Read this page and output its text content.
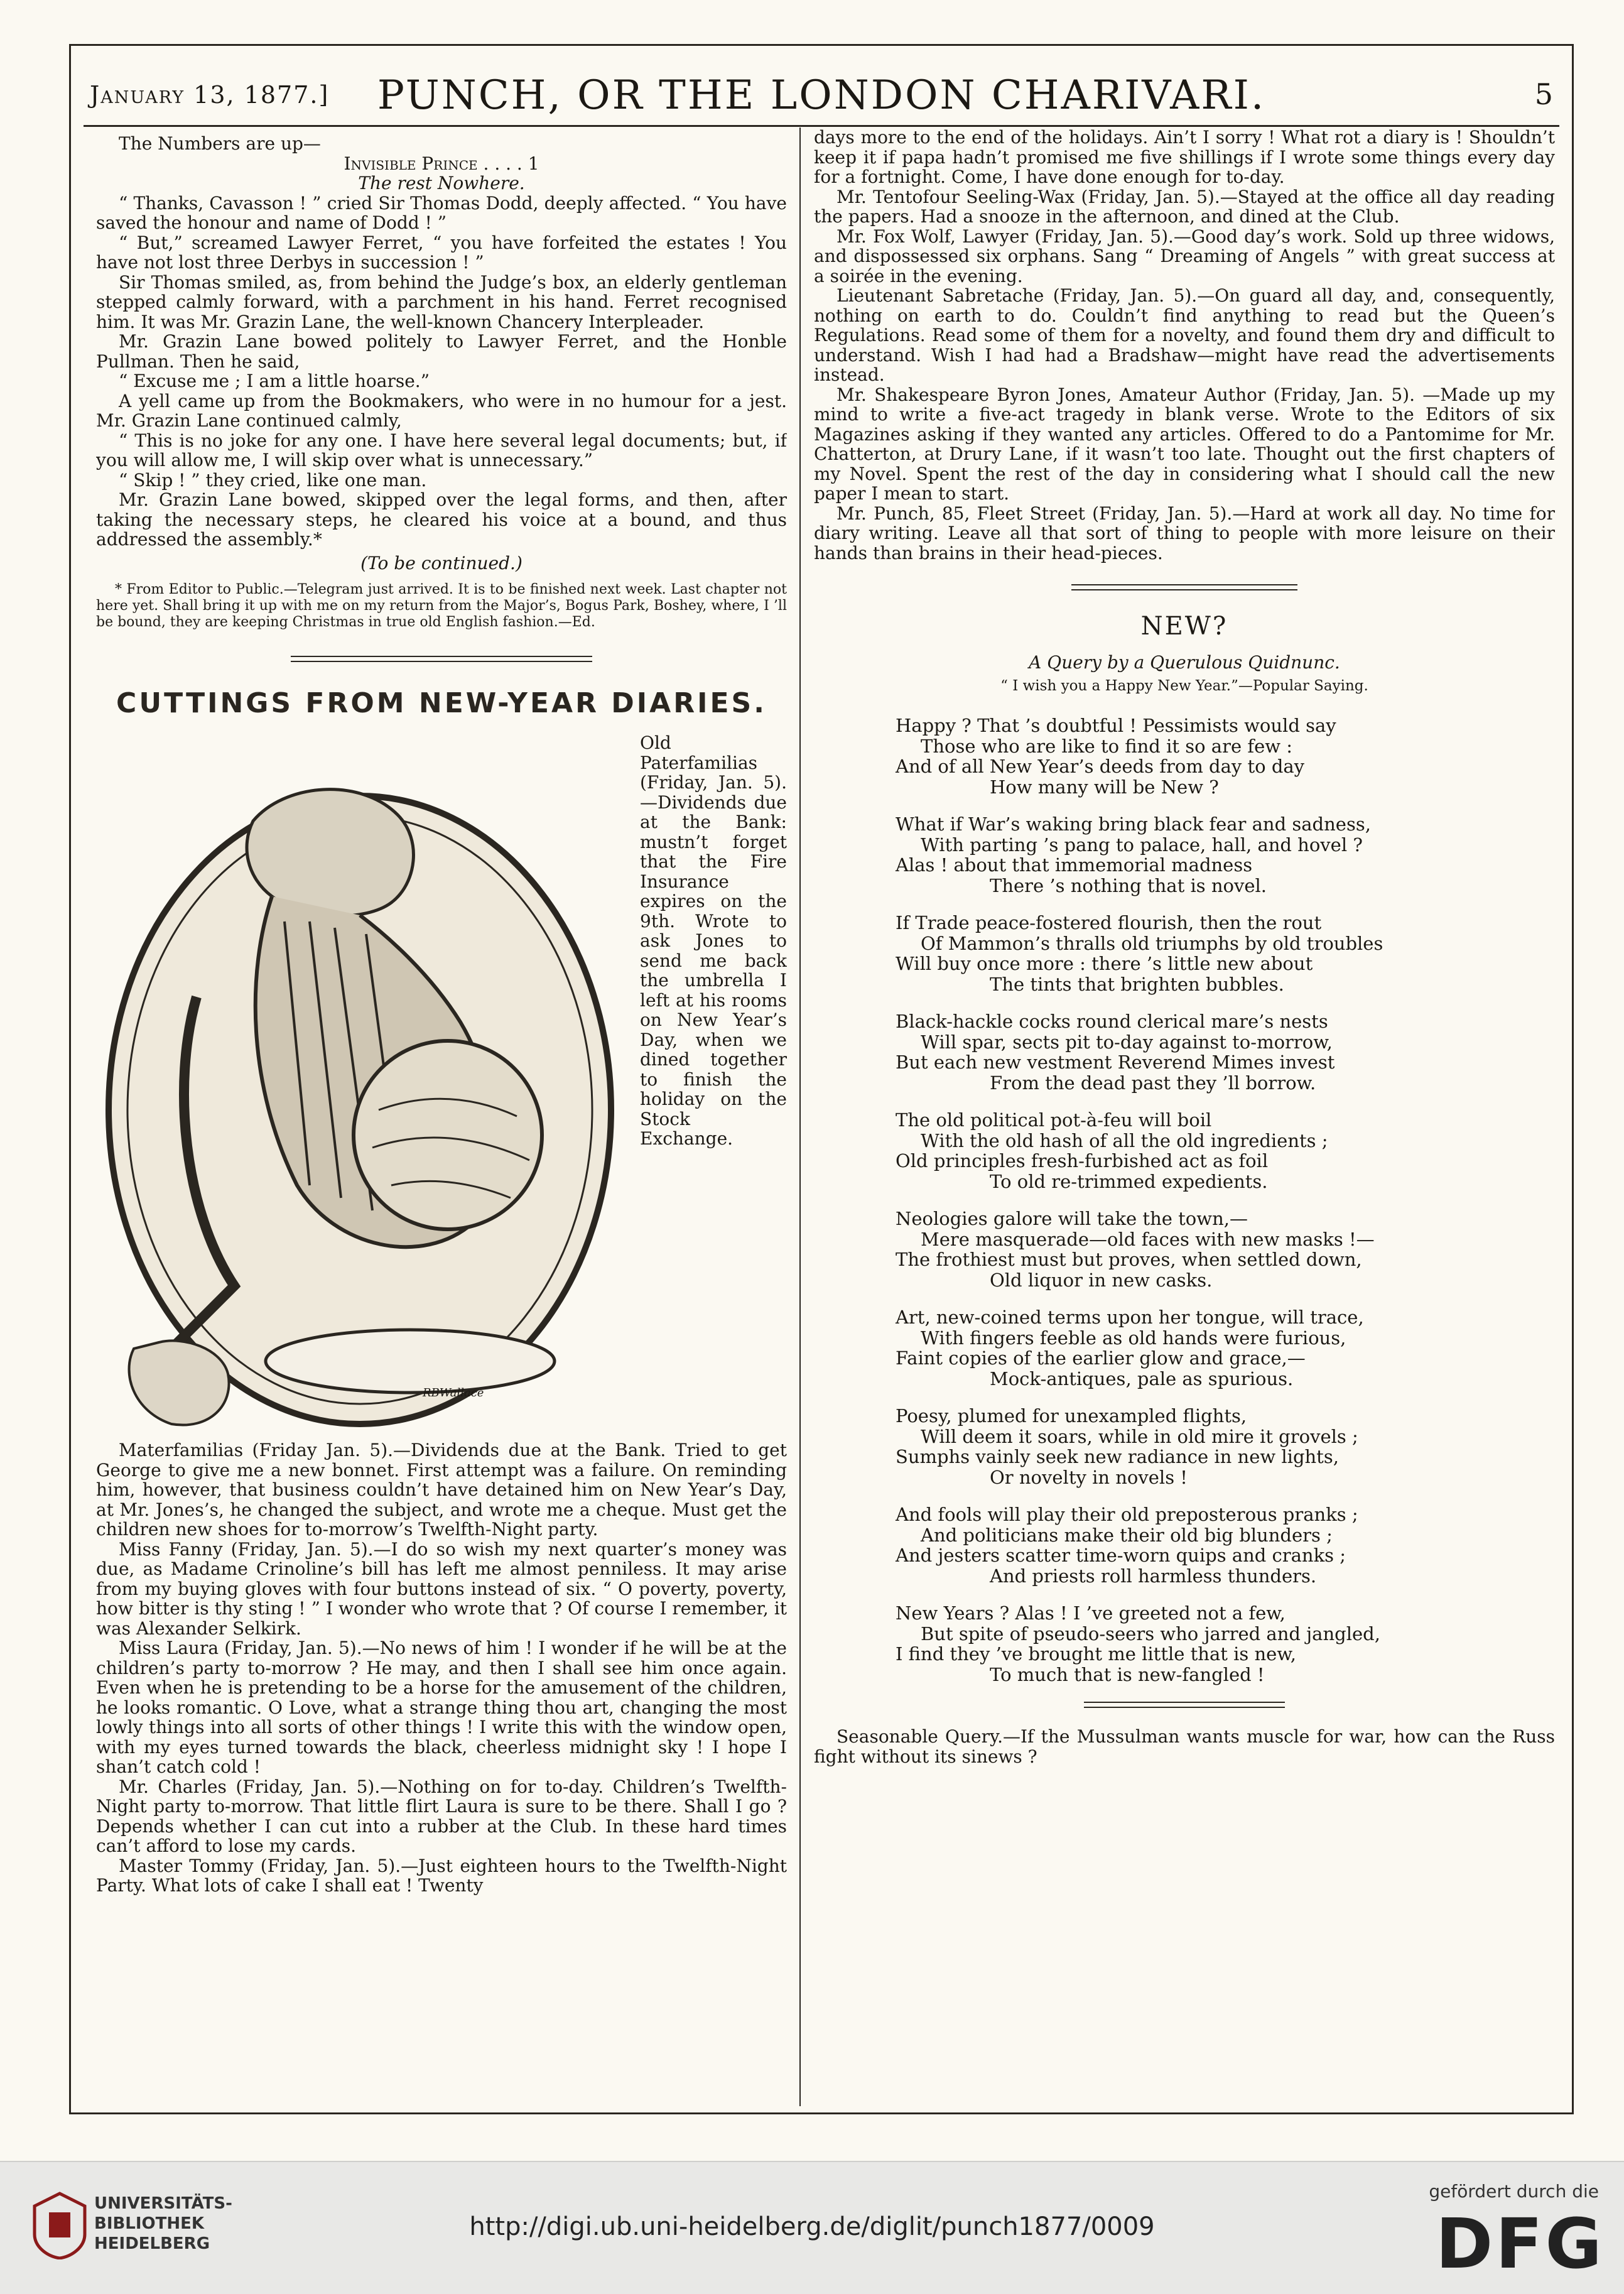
January 13, 1877.]	PUNCH, OR THE LONDON CHARIVARI.	5

The Numbers are up—

Invisible Prince . . . . 1

The rest Nowhere.

“ Thanks, Cavasson ! ” cried Sir Thomas Dodd, deeply affected. “ You have saved the honour and name of Dodd ! ”

“ But,” screamed Lawyer Ferret, “ you have forfeited the estates ! You have not lost three Derbys in succession ! ”

Sir Thomas smiled, as, from behind the Judge’s box, an elderly gentleman stepped calmly forward, with a parchment in his hand. Ferret recognised him. It was Mr. Grazin Lane, the well-known Chancery Interpleader.

Mr. Grazin Lane bowed politely to Lawyer Ferret, and the Honble Pullman. Then he said,

“ Excuse me ; I am a little hoarse.”

A yell came up from the Bookmakers, who were in no humour for a jest. Mr. Grazin Lane continued calmly,

“ This is no joke for any one. I have here several legal documents; but, if you will allow me, I will skip over what is unnecessary.”

“ Skip ! ” they cried, like one man.

Mr. Grazin Lane bowed, skipped over the legal forms, and then, after taking the necessary steps, he cleared his voice at a bound, and thus addressed the assembly.*

(To be continued.)

* From Editor to Public.—Telegram just arrived. It is to be finished next week. Last chapter not here yet. Shall bring it up with me on my return from the Major’s, Bogus Park, Boshey, where, I ’ll be bound, they are keeping Christmas in true old English fashion.—Ed.

CUTTINGS FROM NEW-YEAR DIARIES.
RBWallace

Old Paterfamilias (Friday, Jan. 5).—Dividends due at the Bank: mustn’t forget that the Fire Insurance expires on the 9th. Wrote to ask Jones to send me back the umbrella I left at his rooms on New Year’s Day, when we dined together to finish the holiday on the Stock Exchange.

Materfamilias (Friday Jan. 5).—Dividends due at the Bank. Tried to get George to give me a new bonnet. First attempt was a failure. On reminding him, however, that business couldn’t have detained him on New Year’s Day, at Mr. Jones’s, he changed the subject, and wrote me a cheque. Must get the children new shoes for to-morrow’s Twelfth-Night party.

Miss Fanny (Friday, Jan. 5).—I do so wish my next quarter’s money was due, as Madame Crinoline’s bill has left me almost penniless. It may arise from my buying gloves with four buttons instead of six. “ O poverty, poverty, how bitter is thy sting ! ” I wonder who wrote that ? Of course I remember, it was Alexander Selkirk.

Miss Laura (Friday, Jan. 5).—No news of him ! I wonder if he will be at the children’s party to-morrow ? He may, and then I shall see him once again. Even when he is pretending to be a horse for the amusement of the children, he looks romantic. O Love, what a strange thing thou art, changing the most lowly things into all sorts of other things ! I write this with the window open, with my eyes turned towards the black, cheerless midnight sky ! I hope I shan’t catch cold !

Mr. Charles (Friday, Jan. 5).—Nothing on for to-day. Children’s Twelfth-Night party to-morrow. That little flirt Laura is sure to be there. Shall I go ? Depends whether I can cut into a rubber at the Club. In these hard times can’t afford to lose my cards.

Master Tommy (Friday, Jan. 5).—Just eighteen hours to the Twelfth-Night Party. What lots of cake I shall eat ! Twenty

days more to the end of the holidays. Ain’t I sorry ! What rot a diary is ! Shouldn’t keep it if papa hadn’t promised me five shillings if I wrote some things every day for a fortnight. Come, I have done enough for to-day.

Mr. Tentofour Seeling-Wax (Friday, Jan. 5).—Stayed at the office all day reading the papers. Had a snooze in the afternoon, and dined at the Club.

Mr. Fox Wolf, Lawyer (Friday, Jan. 5).—Good day’s work. Sold up three widows, and dispossessed six orphans. Sang “ Dreaming of Angels ” with great success at a soirée in the evening.

Lieutenant Sabretache (Friday, Jan. 5).—On guard all day, and, consequently, nothing on earth to do. Couldn’t find anything to read but the Queen’s Regulations. Read some of them for a novelty, and found them dry and difficult to understand. Wish I had had a Bradshaw—might have read the advertisements instead.

Mr. Shakespeare Byron Jones, Amateur Author (Friday, Jan. 5). —Made up my mind to write a five-act tragedy in blank verse. Wrote to the Editors of six Magazines asking if they wanted any articles. Offered to do a Pantomime for Mr. Chatterton, at Drury Lane, if it wasn’t too late. Thought out the first chapters of my Novel. Spent the rest of the day in considering what I should call the new paper I mean to start.

Mr. Punch, 85, Fleet Street (Friday, Jan. 5).—Hard at work all day. No time for diary writing. Leave all that sort of thing to people with more leisure on their hands than brains in their head-pieces.

NEW?
A Query by a Querulous Quidnunc.
“ I wish you a Happy New Year.”—Popular Saying.

Happy ? That ’s doubtful ! Pessimists would say

Those who are like to find it so are few :

And of all New Year’s deeds from day to day

How many will be New ?

What if War’s waking bring black fear and sadness,

With parting ’s pang to palace, hall, and hovel ?

Alas ! about that immemorial madness

There ’s nothing that is novel.

If Trade peace-fostered flourish, then the rout

Of Mammon’s thralls old triumphs by old troubles

Will buy once more : there ’s little new about

The tints that brighten bubbles.

Black-hackle cocks round clerical mare’s nests

Will spar, sects pit to-day against to-morrow,

But each new vestment Reverend Mimes invest

From the dead past they ’ll borrow.

The old political pot-à-feu will boil

With the old hash of all the old ingredients ;

Old principles fresh-furbished act as foil

To old re-trimmed expedients.

Neologies galore will take the town,—

Mere masquerade—old faces with new masks !—

The frothiest must but proves, when settled down,

Old liquor in new casks.

Art, new-coined terms upon her tongue, will trace,

With fingers feeble as old hands were furious,

Faint copies of the earlier glow and grace,—

Mock-antiques, pale as spurious.

Poesy, plumed for unexampled flights,

Will deem it soars, while in old mire it grovels ;

Sumphs vainly seek new radiance in new lights,

Or novelty in novels !

And fools will play their old preposterous pranks ;

And politicians make their old big blunders ;

And jesters scatter time-worn quips and cranks ;

And priests roll harmless thunders.

New Years ? Alas ! I ’ve greeted not a few,

But spite of pseudo-seers who jarred and jangled,

I find they ’ve brought me little that is new,

To much that is new-fangled !

Seasonable Query.—If the Mussulman wants muscle for war, how can the Russ fight without its sinews ?

UNIVERSITÄTS-
BIBLIOTHEK
HEIDELBERG
http://digi.ub.uni-heidelberg.de/diglit/punch1877/0009
gefördert durch die
DFG
